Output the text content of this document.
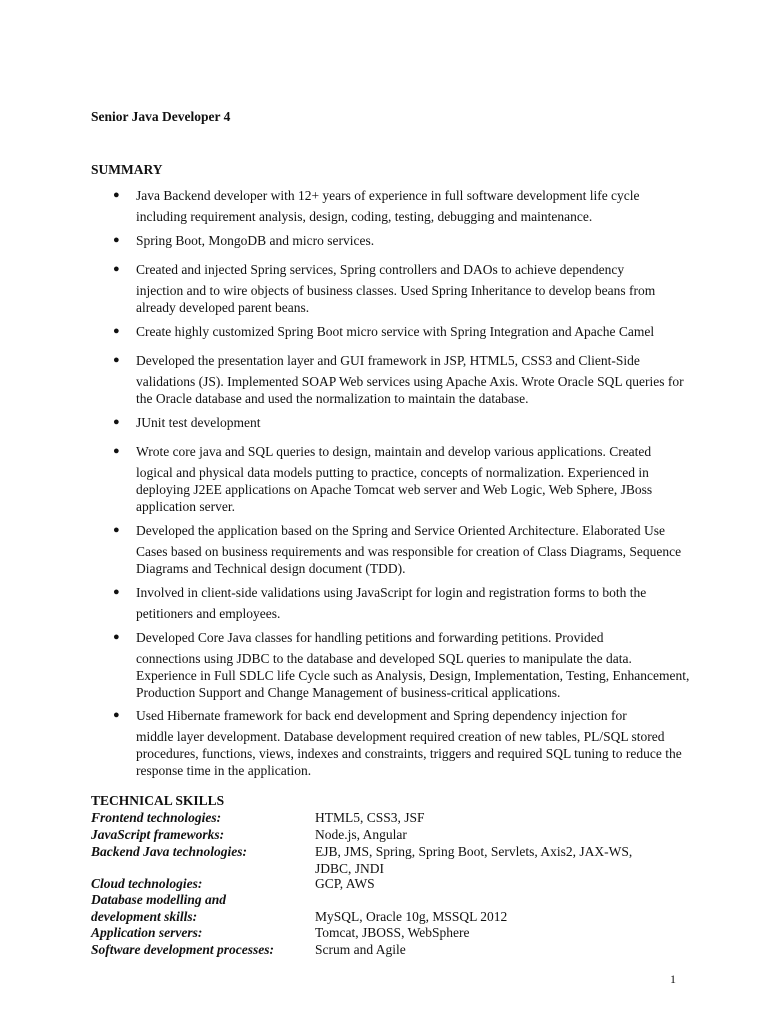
Senior Java Developer 4
SUMMARY
● Java Backend developer with 12+ years of experience in full software development life cycle
including requirement analysis, design, coding, testing, debugging and maintenance.
● Spring Boot, MongoDB and micro services.
● Created and injected Spring services, Spring controllers and DAOs to achieve dependency
injection and to wire objects of business classes. Used Spring Inheritance to develop beans from already developed parent beans.
● Create highly customized Spring Boot micro service with Spring Integration and Apache Camel
● Developed the presentation layer and GUI framework in JSP, HTML5, CSS3 and Client-Side
validations (JS). Implemented SOAP Web services using Apache Axis. Wrote Oracle SQL queries for the Oracle database and used the normalization to maintain the database.
● JUnit test development
● Wrote core java and SQL queries to design, maintain and develop various applications. Created
logical and physical data models putting to practice, concepts of normalization. Experienced in deploying J2EE applications on Apache Tomcat web server and Web Logic, Web Sphere, JBoss application server.
● Developed the application based on the Spring and Service Oriented Architecture. Elaborated Use
Cases based on business requirements and was responsible for creation of Class Diagrams, Sequence Diagrams and Technical design document (TDD).
● Involved in client-side validations using JavaScript for login and registration forms to both the
petitioners and employees.
● Developed Core Java classes for handling petitions and forwarding petitions. Provided
connections using JDBC to the database and developed SQL queries to manipulate the data. Experience in Full SDLC life Cycle such as Analysis, Design, Implementation, Testing, Enhancement, Production Support and Change Management of business-critical applications.
● Used Hibernate framework for back end development and Spring dependency injection for
middle layer development. Database development required creation of new tables, PL/SQL stored procedures, functions, views, indexes and constraints, triggers and required SQL tuning to reduce the response time in the application.
TECHNICAL SKILLS
Frontend technologies:	HTML5, CSS3, JSF
JavaScript frameworks:	Node.js, Angular
Backend Java technologies:	EJB, JMS, Spring, Spring Boot, Servlets, Axis2, JAX-WS, JDBC, JNDI
Cloud technologies:	GCP, AWS
Database modelling and development skills:	MySQL, Oracle 10g, MSSQL 2012
Application servers:	Tomcat, JBOSS, WebSphere
Software development processes:	Scrum and Agile
1
